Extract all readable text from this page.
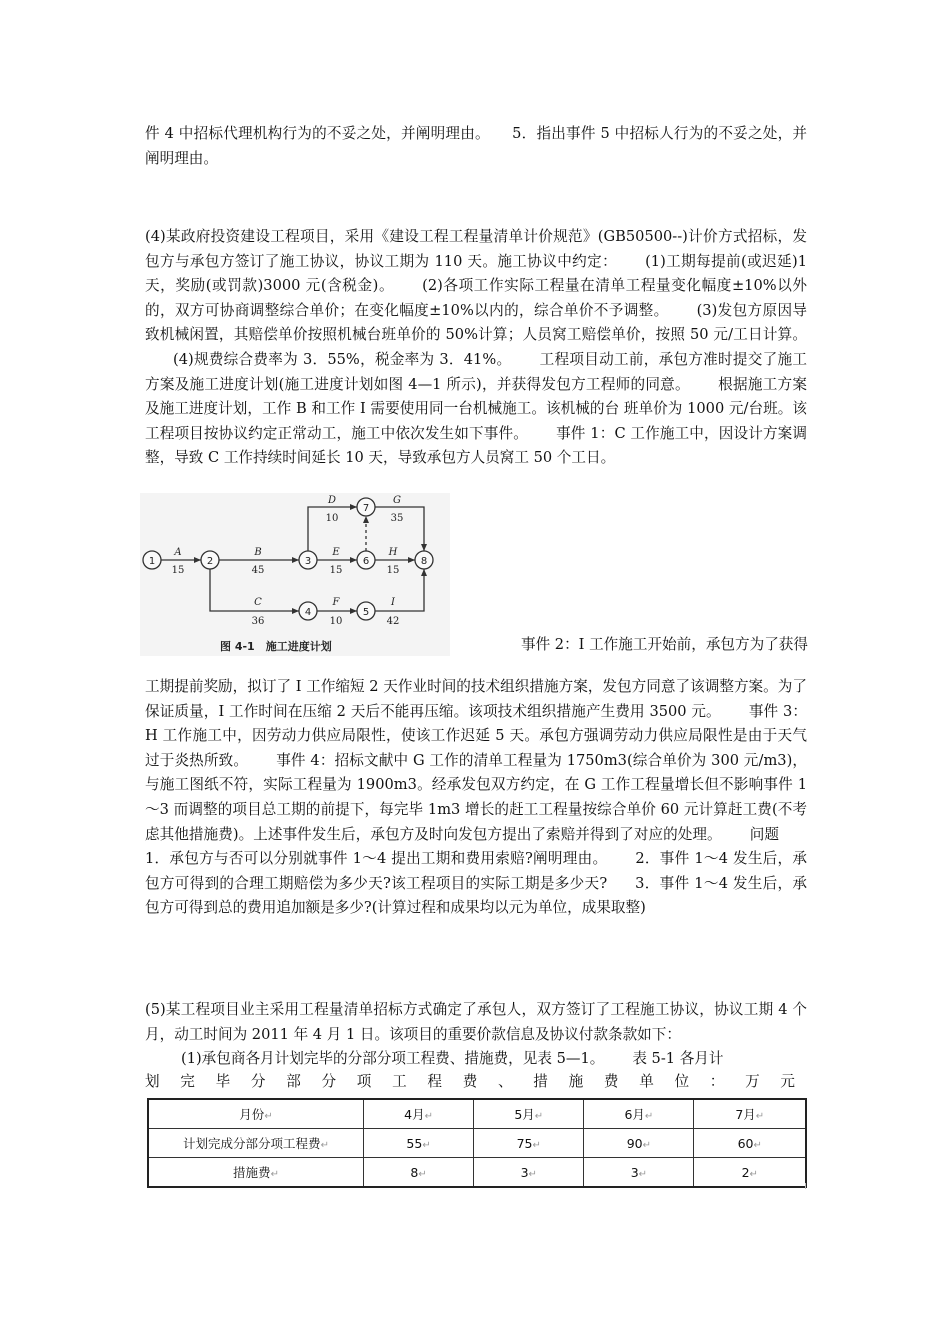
件 4 中招标代理机构行为的不妥之处，并阐明理由。　　5．指出事件 5 中招标人行为的不妥之处，并阐明理由。
(4)某政府投资建设工程项目，采用《建设工程工程量清单计价规范》(GB50500--)计价方式招标，发包方与承包方签订了施工协议，协议工期为 110 天。施工协议中约定： (1)工期每提前(或迟延)1 天，奖励(或罚款)3000 元(含税金)。 (2)各项工作实际工程量在清单工程量变化幅度±10%以外的，双方可协商调整综合单价；在变化幅度±10%以内的，综合单价不予调整。 (3)发包方原因导致机械闲置，其赔偿单价按照机械台班单价的 50%计算；人员窝工赔偿单价，按照 50 元/工日计算。(4)规费综合费率为 3．55%，税金率为 3．41%。 工程项目动工前，承包方准时提交了施工方案及施工进度计划(施工进度计划如图 4—1 所示)，并获得发包方工程师的同意。 根据施工方案及施工进度计划，工作 B 和工作 I 需要使用同一台机械施工。该机械的台 班单价为 1000 元/台班。该工程项目按协议约定正常动工，施工中依次发生如下事件。 事件 1：C 工作施工中，因设计方案调整，导致 C 工作持续时间延长 10 天，导致承包方人员窝工 50 个工日。
1	2	3
4	5
6
7
8
A
15
B
45
C
36
D
10
E
15
F
10
G
35
H
15
I
42
图 4-1　施工进度计划	事件 2：I 工作施工开始前，承包方为了获得
工期提前奖励，拟订了 I 工作缩短 2 天作业时间的技术组织措施方案，发包方同意了该调整方案。为了保证质量，I 工作时间在压缩 2 天后不能再压缩。该项技术组织措施产生费用 3500 元。 事件 3：H 工作施工中，因劳动力供应局限性，使该工作迟延 5 天。承包方强调劳动力供应局限性是由于天气过于炎热所致。 事件 4：招标文献中 G 工作的清单工程量为 1750m3(综合单价为 300 元/m3)，与施工图纸不符，实际工程量为 1900m3。经承发包双方约定，在 G 工作工程量增长但不影响事件 1～3 而调整的项目总工期的前提下，每完毕 1m3 增长的赶工工程量按综合单价 60 元计算赶工费(不考虑其他措施费)。上述事件发生后，承包方及时向发包方提出了索赔并得到了对应的处理。 问题1．承包方与否可以分别就事件 1～4 提出工期和费用索赔?阐明理由。 2．事件 1～4 发生后，承包方可得到的合理工期赔偿为多少天?该工程项目的实际工期是多少天? 3．事件 1～4 发生后，承包方可得到总的费用追加额是多少?(计算过程和成果均以元为单位，成果取整)
(5)某工程项目业主采用工程量清单招标方式确定了承包人，双方签订了工程施工协议，协议工期 4 个月，动工时间为 2011 年 4 月 1 日。该项目的重要价款信息及协议付款条款如下：
(1)承包商各月计划完毕的分部分项工程费、措施费，见表 5—1。 表 5-1 各月计
划完毕分部分项工程费、措施费单位：万元
月份↵	4月↵	5月↵	6月↵	7月↵
计划完成分部分项工程费↵	55↵	75↵	90↵	60↵
措施费↵	8↵	3↵	3↵	2↵
